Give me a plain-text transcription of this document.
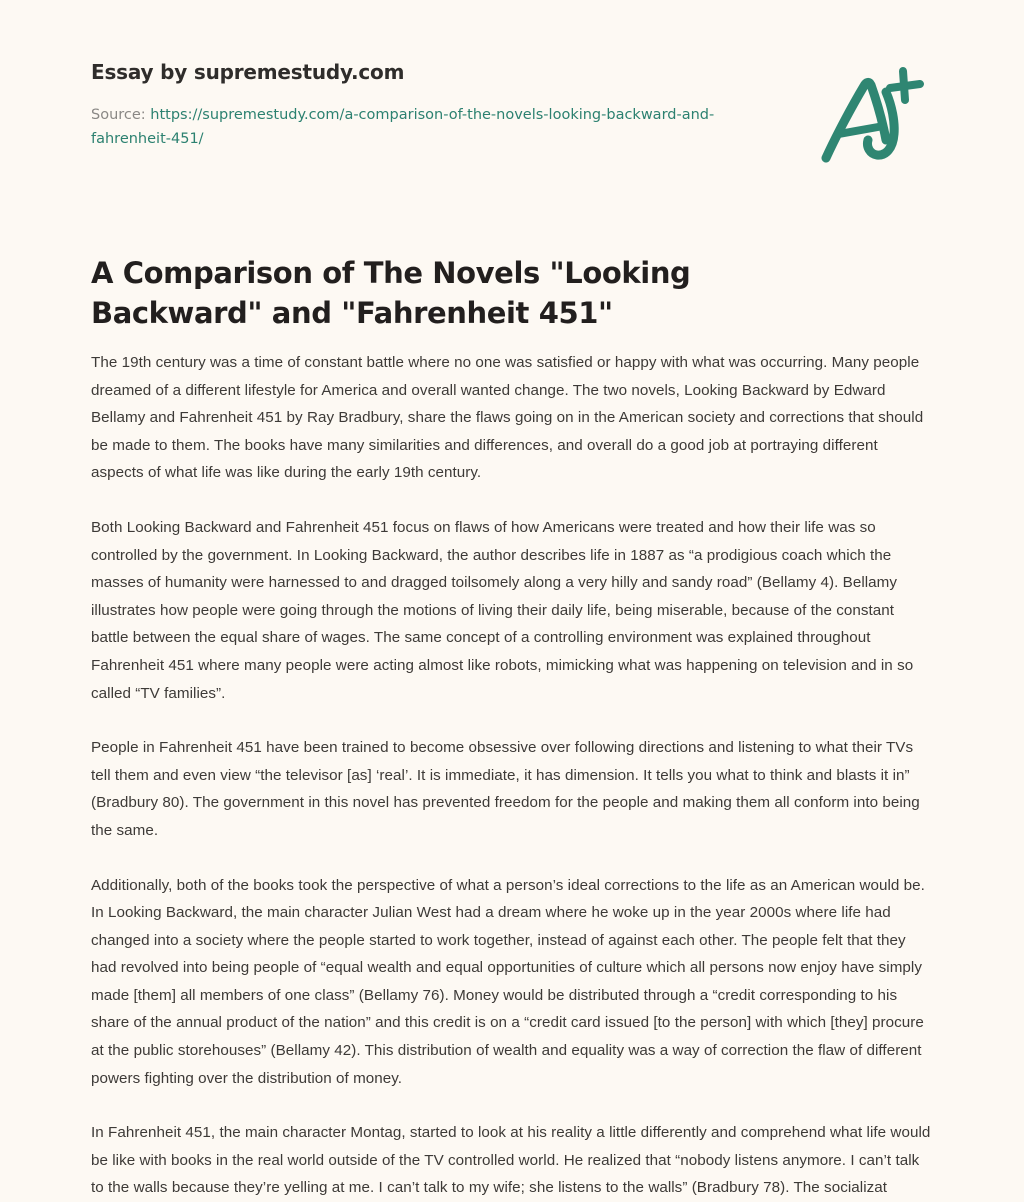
Essay by supremestudy.com

Source: https://supremestudy.com/a-comparison-of-the-novels-looking-backward-and-fahrenheit-451/

A Comparison of The Novels "Looking Backward" and "Fahrenheit 451"

The 19th century was a time of constant battle where no one was satisfied or happy with what was occurring. Many people dreamed of a different lifestyle for America and overall wanted change. The two novels, Looking Backward by Edward Bellamy and Fahrenheit 451 by Ray Bradbury, share the flaws going on in the American society and corrections that should be made to them. The books have many similarities and differences, and overall do a good job at portraying different aspects of what life was like during the early 19th century.

Both Looking Backward and Fahrenheit 451 focus on flaws of how Americans were treated and how their life was so controlled by the government. In Looking Backward, the author describes life in 1887 as “a prodigious coach which the masses of humanity were harnessed to and dragged toilsomely along a very hilly and sandy road” (Bellamy 4). Bellamy illustrates how people were going through the motions of living their daily life, being miserable, because of the constant battle between the equal share of wages. The same concept of a controlling environment was explained throughout Fahrenheit 451 where many people were acting almost like robots, mimicking what was happening on television and in so called “TV families”.

People in Fahrenheit 451 have been trained to become obsessive over following directions and listening to what their TVs tell them and even view “the televisor [as] ‘real’. It is immediate, it has dimension. It tells you what to think and blasts it in” (Bradbury 80). The government in this novel has prevented freedom for the people and making them all conform into being the same.

Additionally, both of the books took the perspective of what a person’s ideal corrections to the life as an American would be. In Looking Backward, the main character Julian West had a dream where he woke up in the year 2000s where life had changed into a society where the people started to work together, instead of against each other. The people felt that they had revolved into being people of “equal wealth and equal opportunities of culture which all persons now enjoy have simply made [them] all members of one class” (Bellamy 76). Money would be distributed through a “credit corresponding to his share of the annual product of the nation” and this credit is on a “credit card issued [to the person] with which [they] procure at the public storehouses” (Bellamy 42). This distribution of wealth and equality was a way of correction the flaw of different powers fighting over the distribution of money.

In Fahrenheit 451, the main character Montag, started to look at his reality a little differently and comprehend what life would be like with books in the real world outside of the TV controlled world. He realized that “nobody listens anymore. I can’t talk to the walls because they’re yelling at me. I can’t talk to my wife; she listens to the walls” (Bradbury 78). The socializat
